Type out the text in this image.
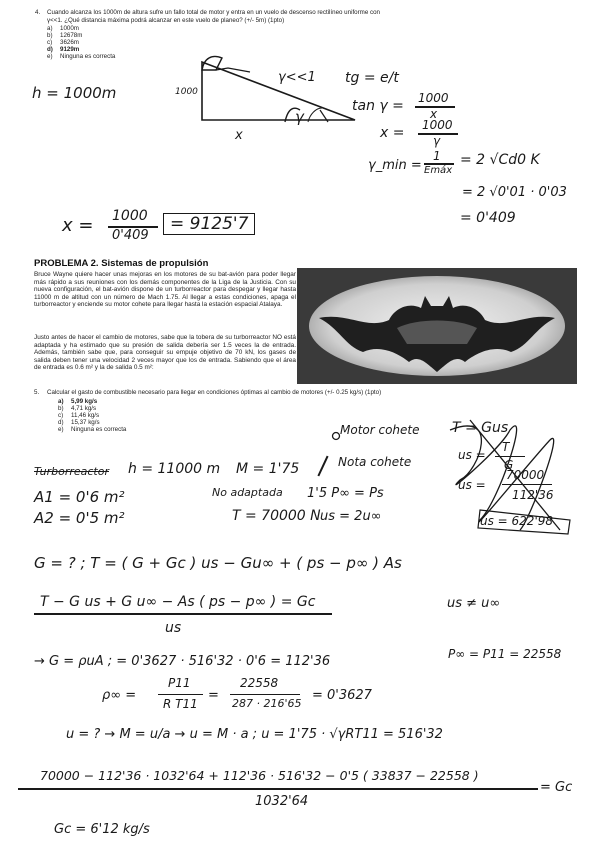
4. Cuando alcanza los 1000m de altura sufre un fallo total de motor y entra en un vuelo de descenso rectilíneo uniforme con γ<<1. ¿Qué distancia máxima podrá alcanzar en este vuelo de planeo? (+/- 5m) (1pto)
a) 1000m
b) 12678m
c) 3626m
d) 9129m
e) Ninguna es correcta
h = 1000m	1000
γ
x
γ<<1 tg = e/t
tan γ = 1000
x
x = 1000
γ
γ_min =
1
Emáx
= 2 √Cd0 K
= 2 √0'01 · 0'03
= 0'409
x = 1000
0'409
= 9125'7
PROBLEMA 2. Sistemas de propulsión
Bruce Wayne quiere hacer unas mejoras en los motores de su bat-avión para poder llegar más rápido a sus reuniones con los demás componentes de la Liga de la Justicia. Con su nueva configuración, el bat-avión dispone de un turborreactor para despegar y llegar hasta 11000 m de altitud con un número de Mach 1.75. Al llegar a estas condiciones, apaga el turborreactor y enciende su motor cohete para llegar hasta la estación espacial Atalaya.
Justo antes de hacer el cambio de motores, sabe que la tobera de su turborreactor NO está adaptada y ha estimado que su presión de salida debería ser 1.5 veces la de entrada. Además, también sabe que, para conseguir su empuje objetivo de 70 kN, los gases de salida deben tener una velocidad 2 veces mayor que los de entrada. Sabiendo que el área de entrada es 0.6 m² y la de salida 0.5 m²:
5. Calcular el gasto de combustible necesario para llegar en condiciones óptimas al cambio de motores (+/- 0.25 kg/s) (1pto)
a) 5,99 kg/s
b) 4,71 kg/s
c) 11,46 kg/s
d) 15,37 kg/s
e) Ninguna es correcta	Motor cohete
Nota cohete
Turborreactor h = 11000 m M = 1'75
A1 = 0'6 m²
A2 = 0'5 m²
No adaptada 1'5 P∞ = Ps
T = 70000 N us = 2u∞
T = Gus
us =
T
G
us =
70000
112'36
us = 622'98
G = ? ; T = ( G + Gc ) us − Gu∞ + ( ps − p∞ ) As
T − G us + G u∞ − As ( ps − p∞ ) = Gc
us
us ≠ u∞
→ G = ρuA ; = 0'3627 · 516'32 · 0'6 = 112'36	P∞ = P11 = 22558
ρ∞ =
P11
R T11
=
22558
287 · 216'65
= 0'3627
u = ? → M = u/a → u = M · a ; u = 1'75 · √γRT11 = 516'32
70000 − 112'36 · 1032'64 + 112'36 · 516'32 − 0'5 ( 33837 − 22558 )
1032'64
= Gc
Gc = 6'12 kg/s
